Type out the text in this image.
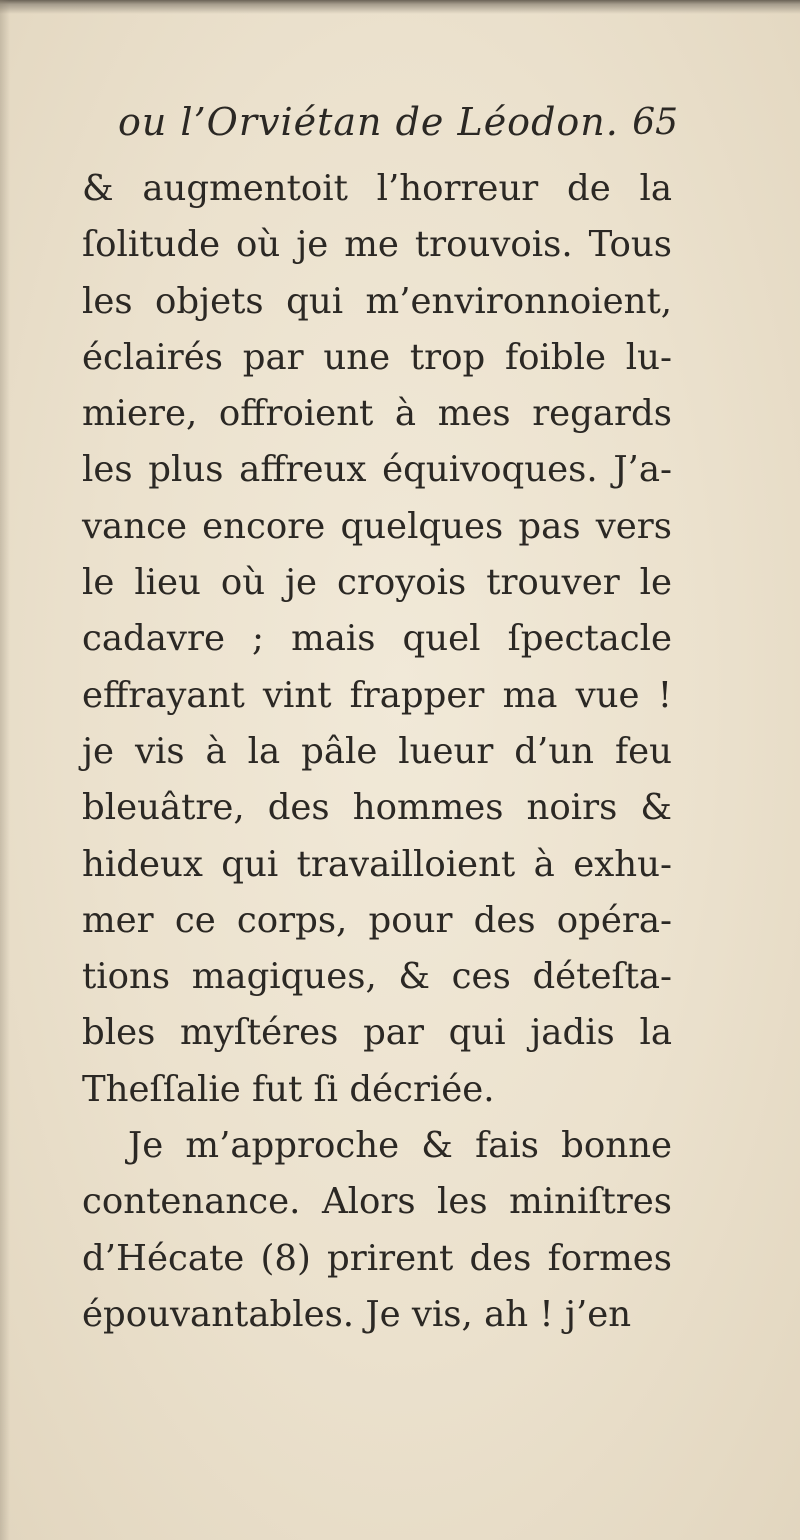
ou l’Orviétan de Léodon. 65
& augmentoit l’horreur de la
ſolitude où je me trouvois. Tous
les objets qui m’environnoient,
éclairés par une trop foible lu-
miere, offroient à mes regards
les plus affreux équivoques. J’a-
vance encore quelques pas vers
le lieu où je croyois trouver le
cadavre ; mais quel ſpectacle
effrayant vint frapper ma vue !
je vis à la pâle lueur d’un feu
bleuâtre, des hommes noirs &
hideux qui travailloient à exhu-
mer ce corps, pour des opéra-
tions magiques, & ces déteſta-
bles myſtéres par qui jadis la
Theſſalie fut ſi décriée.
Je m’approche & fais bonne
contenance. Alors les miniſtres
d’Hécate (8) prirent des formes
épouvantables. Je vis, ah ! j’en
